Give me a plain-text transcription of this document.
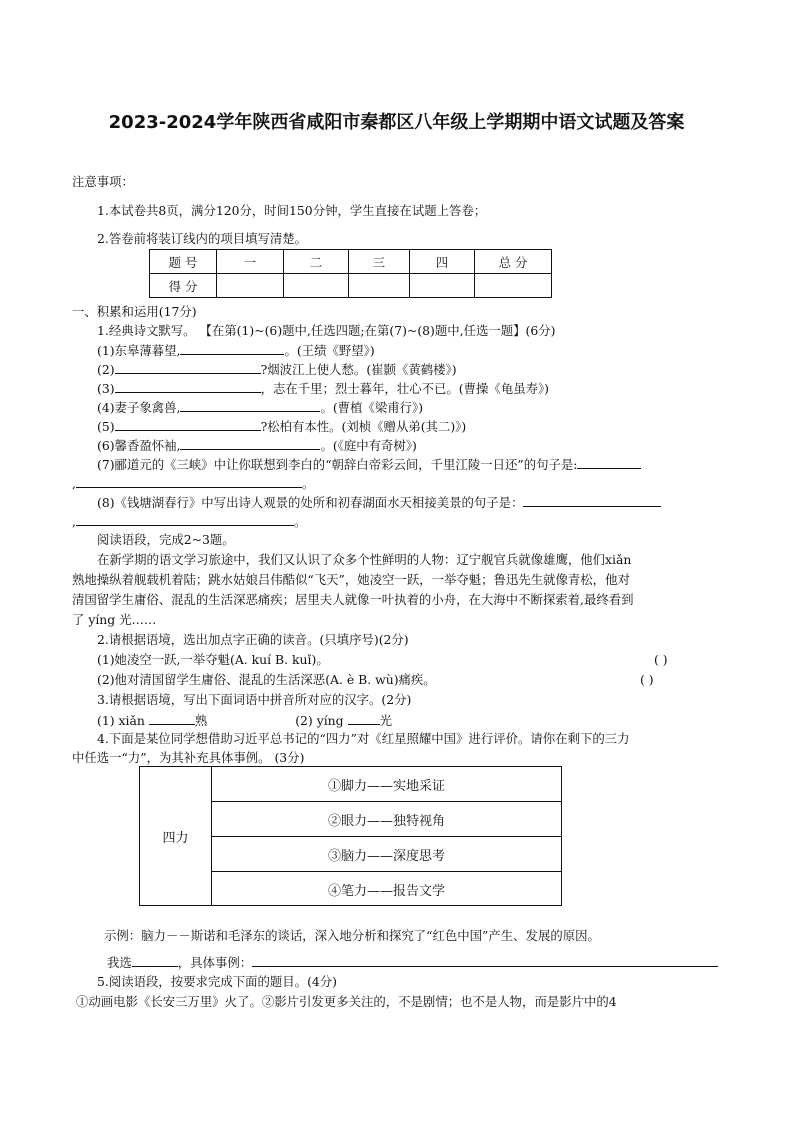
2023-2024学年陕西省咸阳市秦都区八年级上学期期中语文试题及答案
注意事项：
1.本试卷共8页，满分120分，时间150分钟，学生直接在试题上答卷；
2.答卷前将装订线内的项目填写清楚。
题 号	一	二	三	四	总 分
得 分					
一、积累和运用(17分)
1.经典诗文默写。 【在第(1)~(6)题中,任选四题;在第(7)~(8)题中,任选一题】(6分)
(1)东皋薄暮望,	。(王绩《野望》)
(2)	?烟波江上使人愁。(崔颢《黄鹤楼》)
(3)	，志在千里；烈士暮年，壮心不已。(曹操《龟虽寿》)
(4)妻子象禽兽,	。(曹植《梁甫行》)
(5)	?松柏有本性。(刘桢《赠从弟(其二)》)
(6)馨香盈怀袖,	。(《庭中有奇树》)
(7)郦道元的《三峡》中让你联想到李白的“朝辞白帝彩云间，千里江陵一日还”的句子是:
,	。
(8)《钱塘湖春行》中写出诗人观景的处所和初春湖面水天相接美景的句子是：
,	。
阅读语段，完成2~3题。
在新学期的语文学习旅途中，我们又认识了众多个性鲜明的人物：辽宁舰官兵就像雄鹰，他们xiǎn
熟地操纵着舰载机着陆；跳水姑娘吕伟酷似“飞天”，她凌空一跃，一举夺魁；鲁迅先生就像青松，他对
清国留学生庸俗、混乱的生活深恶痛疾；居里夫人就像一叶执着的小舟，在大海中不断探索着,最终看到
了 yíng 光……
2.请根据语境，选出加点字正确的读音。(只填序号)(2分)
(1)她凌空一跃,一举夺魁(A. kuí B. kuǐ)。	( )
(2)他对清国留学生庸俗、混乱的生活深恶(A. è B. wù)痛疾。	( )
3.请根据语境，写出下面词语中拼音所对应的汉字。(2分)
(1) xiǎn	熟	(2) yíng	光
4.下面是某位同学想借助习近平总书记的“四力”对《红星照耀中国》进行评价。请你在剩下的三力
中任选一“力”，为其补充具体事例。 (3分)
四力
①脚力——实地采证
②眼力——独特视角
③脑力——深度思考
④笔力——报告文学
示例：脑力－－斯诺和毛泽东的谈话，深入地分析和探究了“红色中国”产生、发展的原因。
我选	，具体事例：
5.阅读语段，按要求完成下面的题目。(4分)
①动画电影《长安三万里》火了。②影片引发更多关注的，不是剧情；也不是人物，而是影片中的4
